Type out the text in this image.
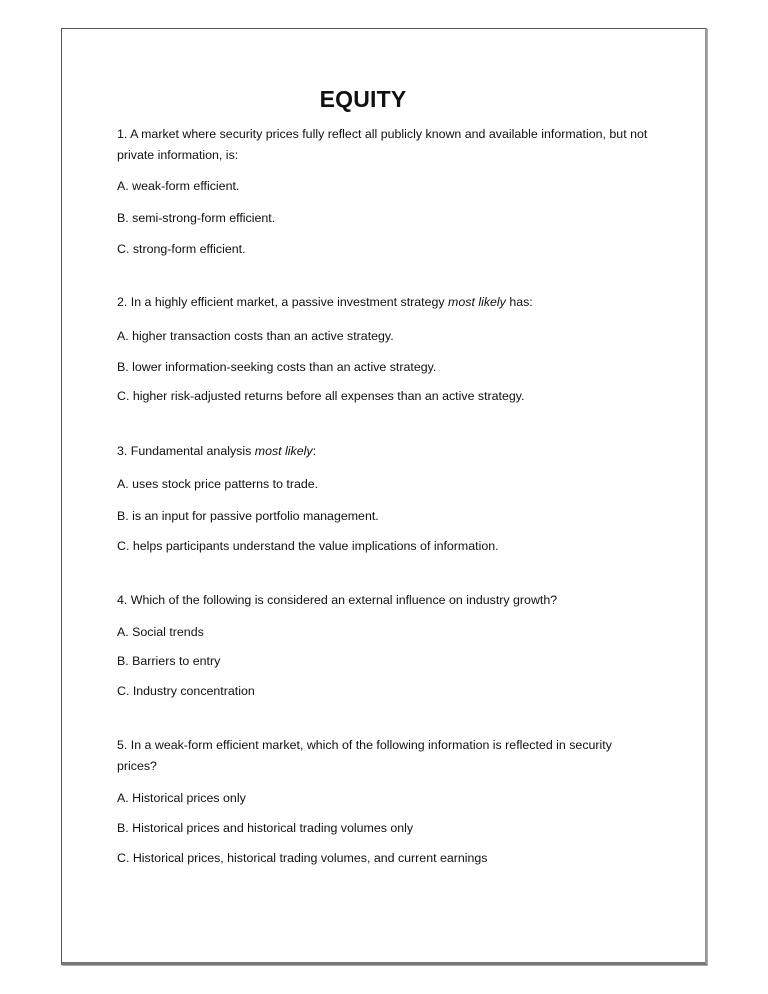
EQUITY
1. A market where security prices fully reflect all publicly known and available information, but not private information, is:
A. weak-form efficient.
B. semi-strong-form efficient.
C. strong-form efficient.
2. In a highly efficient market, a passive investment strategy most likely has:
A. higher transaction costs than an active strategy.
B. lower information-seeking costs than an active strategy.
C. higher risk-adjusted returns before all expenses than an active strategy.
3. Fundamental analysis most likely:
A. uses stock price patterns to trade.
B. is an input for passive portfolio management.
C. helps participants understand the value implications of information.
4. Which of the following is considered an external influence on industry growth?
A. Social trends
B. Barriers to entry
C. Industry concentration
5. In a weak-form efficient market, which of the following information is reflected in security prices?
A. Historical prices only
B. Historical prices and historical trading volumes only
C. Historical prices, historical trading volumes, and current earnings
